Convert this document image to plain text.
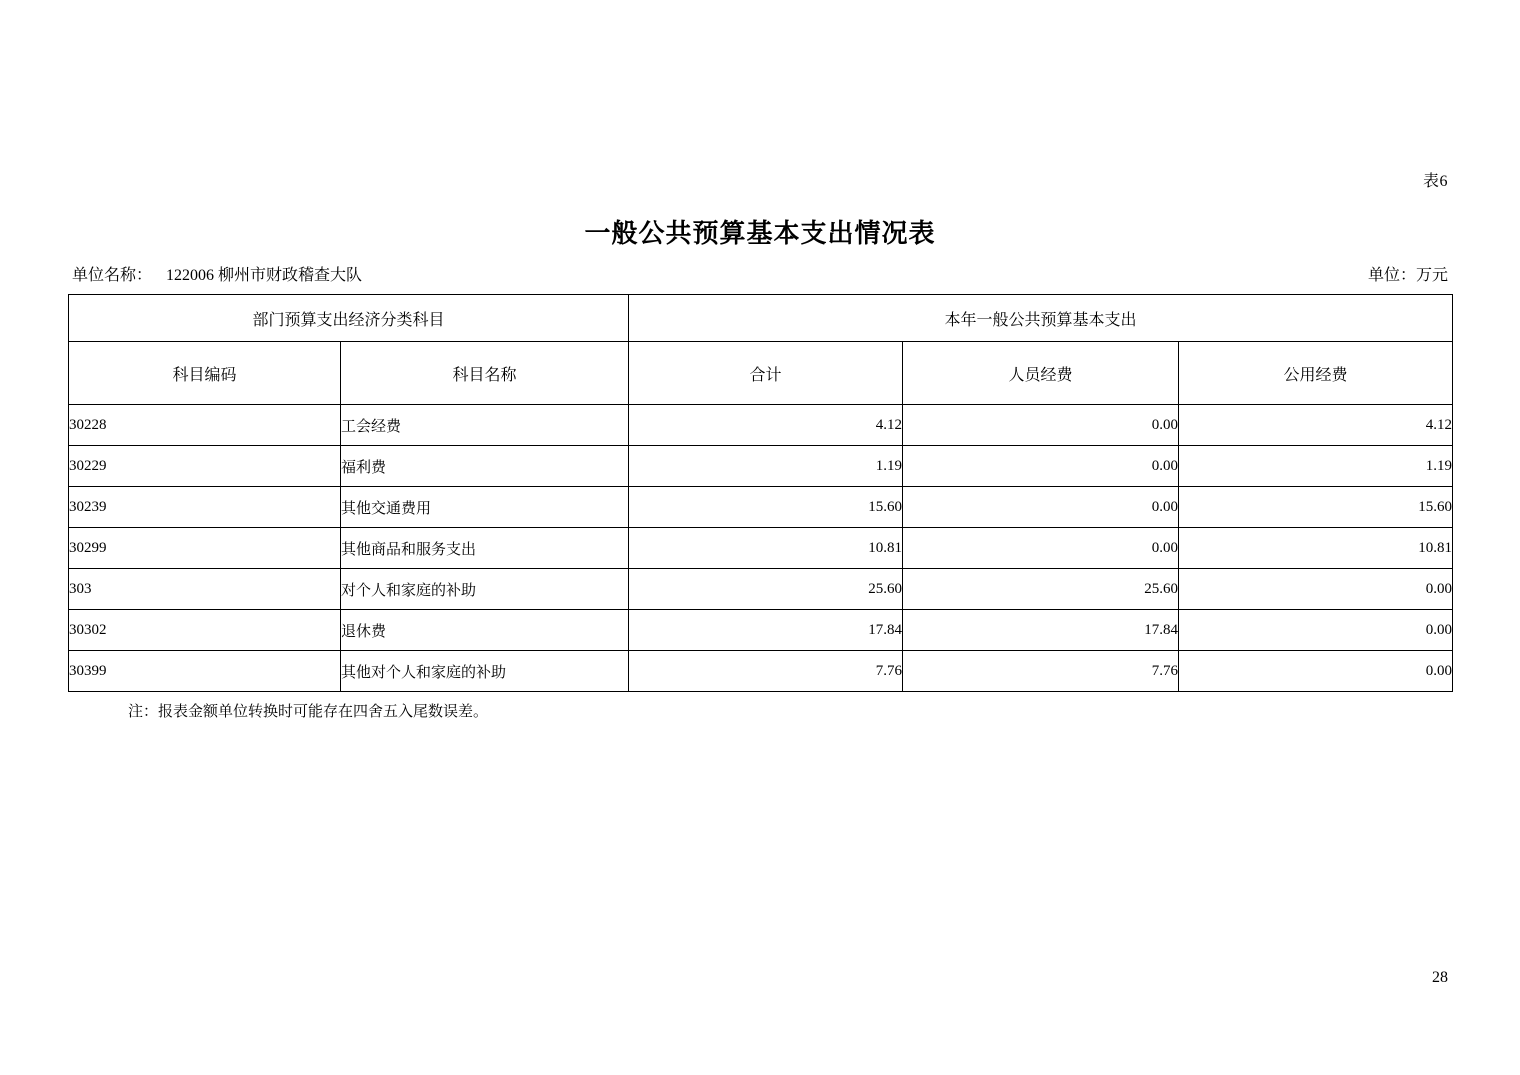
表6
一般公共预算基本支出情况表
单位名称： 122006 柳州市财政稽查大队	单位：万元
部门预算支出经济分类科目		本年一般公共预算基本支出		
科目编码	科目名称	合计	人员经费	公用经费
30228	工会经费	4.12	0.00	4.12
30229	福利费	1.19	0.00	1.19
30239	其他交通费用	15.60	0.00	15.60
30299	其他商品和服务支出	10.81	0.00	10.81
303	对个人和家庭的补助	25.60	25.60	0.00
30302	退休费	17.84	17.84	0.00
30399	其他对个人和家庭的补助	7.76	7.76	0.00
注：报表金额单位转换时可能存在四舍五入尾数误差。
28
